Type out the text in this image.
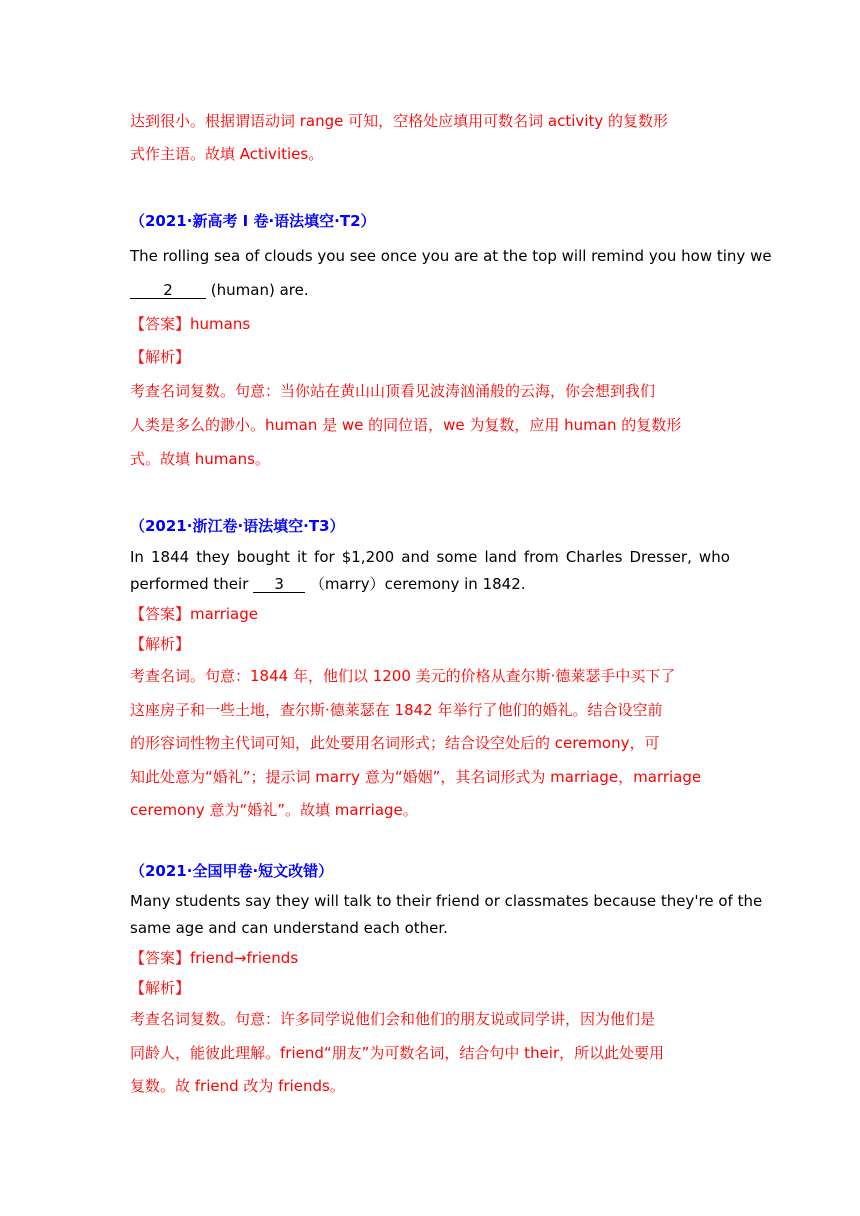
达到很小。根据谓语动词 range 可知，空格处应填用可数名词 activity 的复数形
式作主语。故填 Activities。
（2021·新高考 I 卷·语法填空·T2）
The rolling sea of clouds you see once you are at the top will remind you how tiny we
2 (human) are.
【答案】humans
【解析】
考查名词复数。句意：当你站在黄山山顶看见波涛汹涌般的云海，你会想到我们
人类是多么的渺小。human 是 we 的同位语，we 为复数，应用 human 的复数形
式。故填 humans。
（2021·浙江卷·语法填空·T3）
In 1844 they bought it for $1,200 and some land from Charles Dresser, who
performed their 3 （marry）ceremony in 1842.
【答案】marriage
【解析】
考查名词。句意：1844 年，他们以 1200 美元的价格从查尔斯·德莱瑟手中买下了
这座房子和一些土地，查尔斯·德莱瑟在 1842 年举行了他们的婚礼。结合设空前
的形容词性物主代词可知，此处要用名词形式；结合设空处后的 ceremony，可
知此处意为“婚礼”；提示词 marry 意为“婚姻”，其名词形式为 marriage，marriage
ceremony 意为“婚礼”。故填 marriage。
（2021·全国甲卷·短文改错）
Many students say they will talk to their friend or classmates because they're of the
same age and can understand each other.
【答案】friend→friends
【解析】
考查名词复数。句意：许多同学说他们会和他们的朋友说或同学讲，因为他们是
同龄人，能彼此理解。friend“朋友”为可数名词，结合句中 their，所以此处要用
复数。故 friend 改为 friends。
